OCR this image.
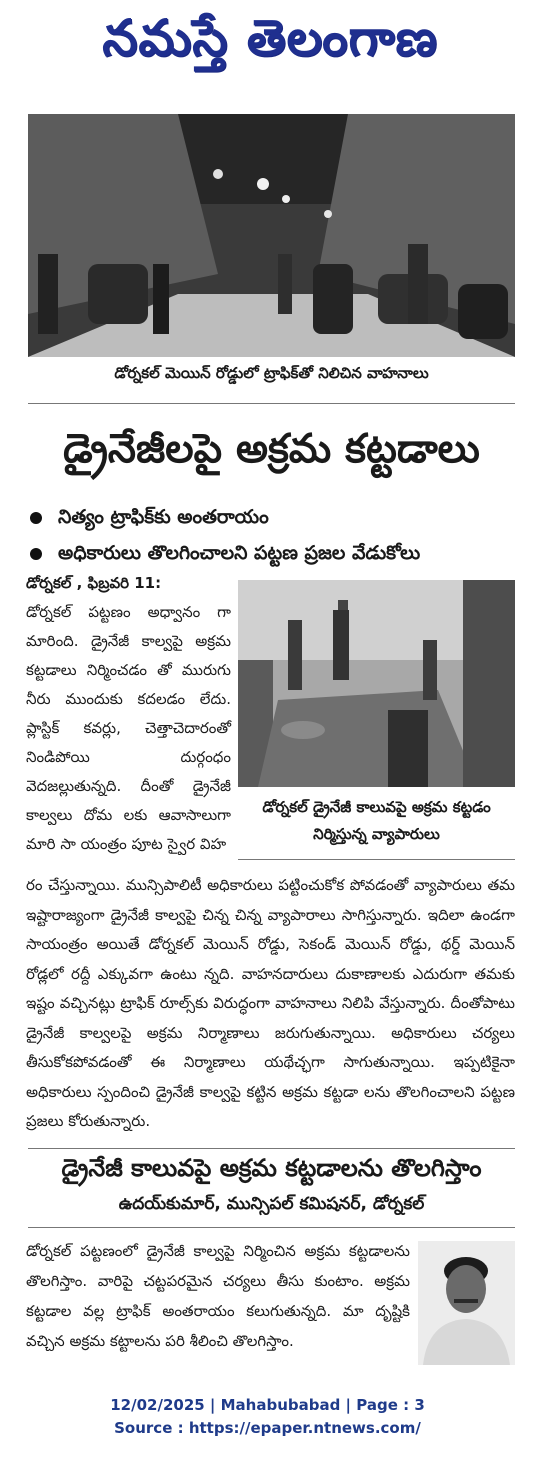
నమస్తే తెలంగాణ
డోర్నకల్ మెయిన్ రోడ్డులో ట్రాఫిక్‌తో నిలిచిన వాహనాలు
డ్రైనేజీలపై అక్రమ కట్టడాలు
నిత్యం ట్రాఫిక్‌కు అంతరాయం
అధికారులు తొలగించాలని పట్టణ ప్రజల వేడుకోలు
డోర్నకల్ , ఫిబ్రవరి 11:
డోర్నకల్ పట్టణం అధ్వానం గా మారింది. డ్రైనేజీ కాల్వపై అక్రమ కట్టడాలు నిర్మించడం తో మురుగు నీరు ముందుకు కదలడం లేదు. ప్లాస్టిక్ కవర్లు, చెత్తాచెదారంతో నిండిపోయి దుర్గంధం వెదజల్లుతున్నది. దీంతో డ్రైనేజీ కాల్వలు దోమ లకు ఆవాసాలుగా మారి సా యంత్రం పూట స్వైర విహ
డోర్నకల్ డ్రైనేజీ కాలువపై అక్రమ కట్టడం నిర్మిస్తున్న వ్యాపారులు
రం చేస్తున్నాయి. మున్సిపాలిటీ అధికారులు పట్టించుకోక పోవడంతో వ్యాపారులు తమ ఇష్టారాజ్యంగా డ్రైనేజీ కాల్వపై చిన్న చిన్న వ్యాపారాలు సాగిస్తున్నారు. ఇదిలా ఉండగా సాయంత్రం అయితే డోర్నకల్ మెయిన్ రోడ్డు, సెకండ్ మెయిన్ రోడ్డు, థర్డ్ మెయిన్ రోడ్లలో రద్దీ ఎక్కువగా ఉంటు న్నది. వాహనదారులు దుకాణాలకు ఎదురుగా తమకు ఇష్టం వచ్చినట్లు ట్రాఫిక్ రూల్స్‌కు విరుద్ధంగా వాహనాలు నిలిపి వేస్తున్నారు. దీంతోపాటు డ్రైనేజీ కాల్వలపై అక్రమ నిర్మాణాలు జరుగుతున్నాయి. అధికారులు చర్యలు తీసుకోకపోవడంతో ఈ నిర్మాణాలు యథేచ్ఛగా సాగుతున్నాయి. ఇప్పటికైనా అధికారులు స్పందించి డ్రైనేజీ కాల్వపై కట్టిన అక్రమ కట్టడా లను తొలగించాలని పట్టణ ప్రజలు కోరుతున్నారు.
డ్రైనేజీ కాలువపై అక్రమ కట్టడాలను తొలగిస్తాం
ఉదయ్‌కుమార్, మున్సిపల్ కమిషనర్, డోర్నకల్
డోర్నకల్ పట్టణంలో డ్రైనేజీ కాల్వపై నిర్మించిన అక్రమ కట్టడాలను తొలగిస్తాం. వారిపై చట్టపరమైన చర్యలు తీసు కుంటాం. అక్రమ కట్టడాల వల్ల ట్రాఫిక్ అంతరాయం కలుగుతున్నది. మా దృష్టికి వచ్చిన అక్రమ కట్టాలను పరి శీలించి తొలగిస్తాం.
12/02/2025 | Mahabubabad | Page : 3
Source : https://epaper.ntnews.com/
